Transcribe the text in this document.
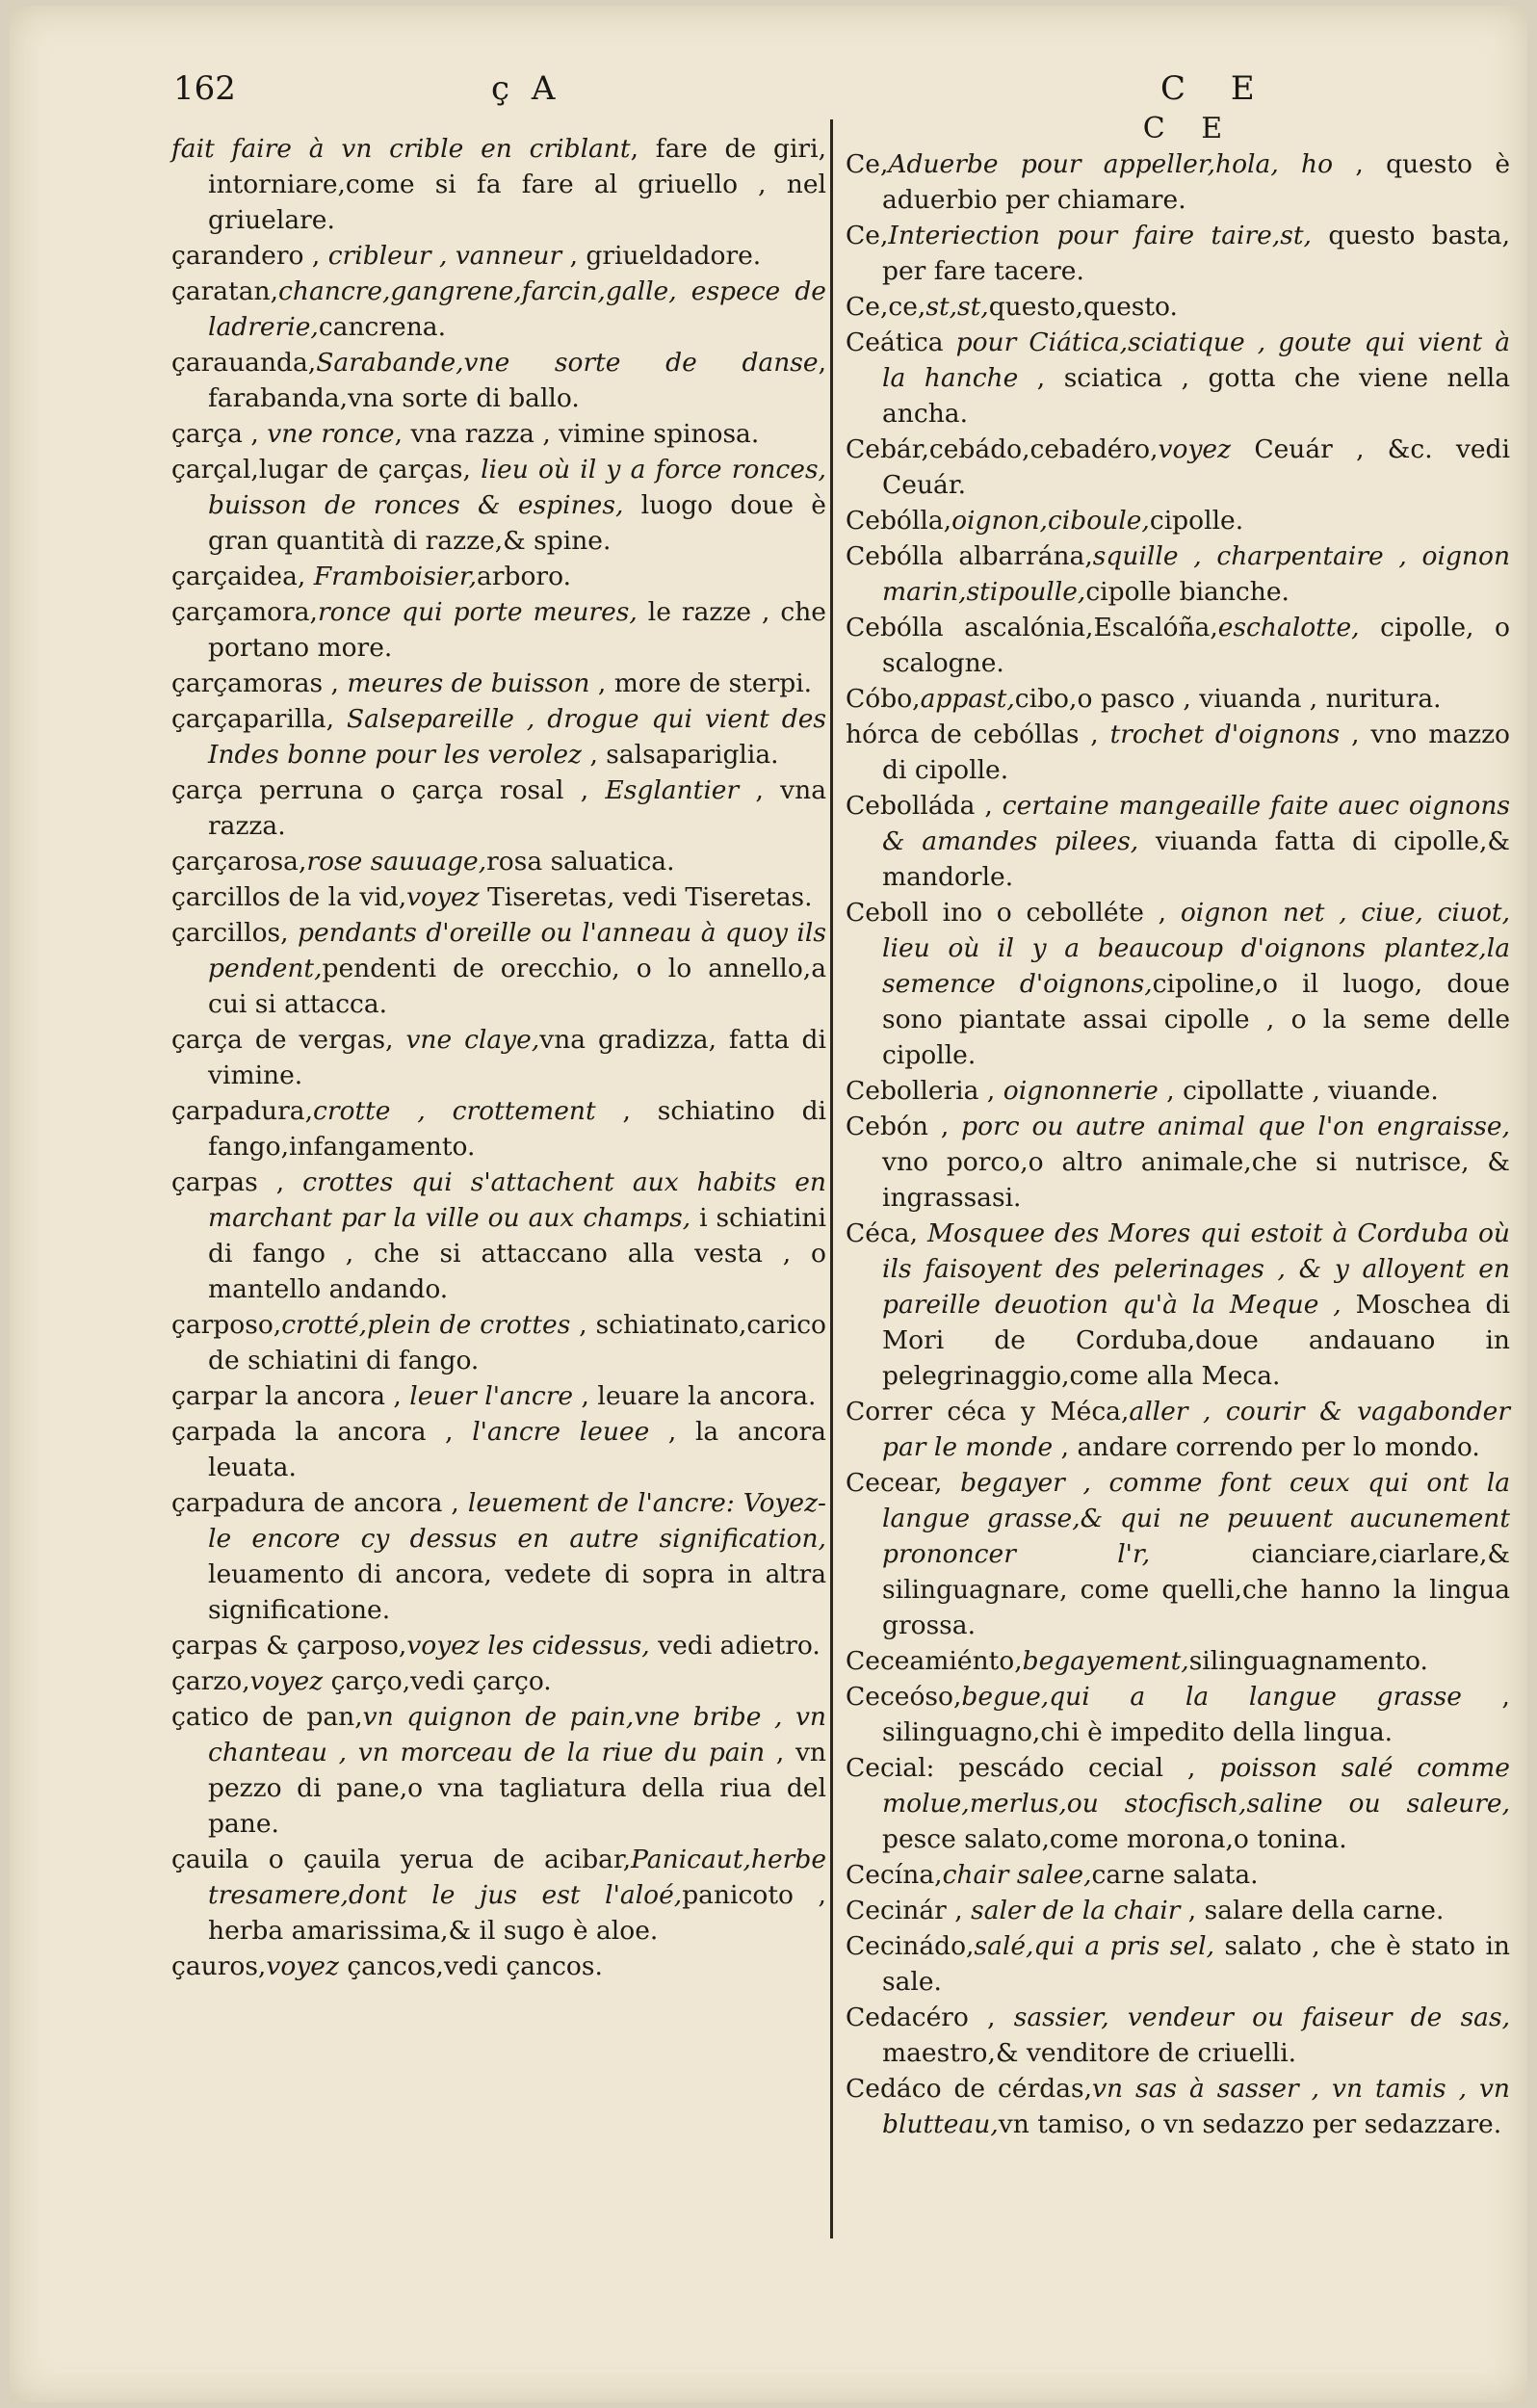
162	ç A	C E
C E

fait faire à vn crible en criblant, fare de giri, intorniare,come si fa fare al griuello , nel griuelare.

çarandero , cribleur , vanneur , griueldadore.

çaratan,chancre,gangrene,farcin,galle, espece de ladrerie,cancrena.

çarauanda,Sarabande,vne sorte de danse, farabanda,vna sorte di ballo.

çarça , vne ronce, vna razza , vimine spinosa.

çarçal,lugar de çarças, lieu où il y a force ronces, buisson de ronces & espines, luogo doue è gran quantità di razze,& spine.

çarçaidea, Framboisier,arboro.

çarçamora,ronce qui porte meures, le razze , che portano more.

çarçamoras , meures de buisson , more de sterpi.

çarçaparilla, Salsepareille , drogue qui vient des Indes bonne pour les verolez , salsapariglia.

çarça perruna o çarça rosal , Esglantier , vna razza.

çarçarosa,rose sauuage,rosa saluatica.

çarcillos de la vid,voyez Tiseretas, vedi Tiseretas.

çarcillos, pendants d'oreille ou l'anneau à quoy ils pendent,pendenti de orecchio, o lo annello,a cui si attacca.

çarça de vergas, vne claye,vna gradizza, fatta di vimine.

çarpadura,crotte , crottement , schiatino di fango,infangamento.

çarpas , crottes qui s'attachent aux habits en marchant par la ville ou aux champs, i schiatini di fango , che si attaccano alla vesta , o mantello andando.

çarposo,crotté,plein de crottes , schiatinato,carico de schiatini di fango.

çarpar la ancora , leuer l'ancre , leuare la ancora.

çarpada la ancora , l'ancre leuee , la ancora leuata.

çarpadura de ancora , leuement de l'ancre: Voyez-le encore cy dessus en autre signification, leuamento di ancora, vedete di sopra in altra significatione.

çarpas & çarposo,voyez les cidessus, vedi adietro.

çarzo,voyez çarço,vedi çarço.

çatico de pan,vn quignon de pain,vne bribe , vn chanteau , vn morceau de la riue du pain , vn pezzo di pane,o vna tagliatura della riua del pane.

çauila o çauila yerua de acibar,Panicaut,herbe tresamere,dont le jus est l'aloé,panicoto , herba amarissima,& il sugo è aloe.

çauros,voyez çancos,vedi çancos.

Ce,Aduerbe pour appeller,hola, ho , questo è aduerbio per chiamare.

Ce,Interiection pour faire taire,st, questo basta, per fare tacere.

Ce,ce,st,st,questo,questo.

Ceática pour Ciática,sciatique , goute qui vient à la hanche , sciatica , gotta che viene nella ancha.

Cebár,cebádo,cebadéro,voyez Ceuár , &c. vedi Ceuár.

Cebólla,oignon,ciboule,cipolle.

Cebólla albarrána,squille , charpentaire , oignon marin,stipoulle,cipolle bianche.

Cebólla ascalónia,Escalóña,eschalotte, cipolle, o scalogne.

Cóbo,appast,cibo,o pasco , viuanda , nuritura.

hórca de cebóllas , trochet d'oignons , vno mazzo di cipolle.

Cebolláda , certaine mangeaille faite auec oignons & amandes pilees, viuanda fatta di cipolle,& mandorle.

Ceboll ino o cebolléte , oignon net , ciue, ciuot, lieu où il y a beaucoup d'oignons plantez,la semence d'oignons,cipoline,o il luogo, doue sono piantate assai cipolle , o la seme delle cipolle.

Cebolleria , oignonnerie , cipollatte , viuande.

Cebón , porc ou autre animal que l'on engraisse, vno porco,o altro animale,che si nutrisce, & ingrassasi.

Céca, Mosquee des Mores qui estoit à Corduba où ils faisoyent des pelerinages , & y alloyent en pareille deuotion qu'à la Meque , Moschea di Mori de Corduba,doue andauano in pelegrinaggio,come alla Meca.

Correr céca y Méca,aller , courir & vagabonder par le monde , andare correndo per lo mondo.

Cecear, begayer , comme font ceux qui ont la langue grasse,& qui ne peuuent aucunement prononcer l'r, cianciare,ciarlare,& silinguagnare, come quelli,che hanno la lingua grossa.

Ceceamiénto,begayement,silinguagnamento.

Ceceóso,begue,qui a la langue grasse , silinguagno,chi è impedito della lingua.

Cecial: pescádo cecial , poisson salé comme molue,merlus,ou stocfisch,saline ou saleure, pesce salato,come morona,o tonina.

Cecína,chair salee,carne salata.

Cecinár , saler de la chair , salare della carne.

Cecinádo,salé,qui a pris sel, salato , che è stato in sale.

Cedacéro , sassier, vendeur ou faiseur de sas, maestro,& venditore de criuelli.

Cedáco de cérdas,vn sas à sasser , vn tamis , vn blutteau,vn tamiso, o vn sedazzo per sedazzare.
